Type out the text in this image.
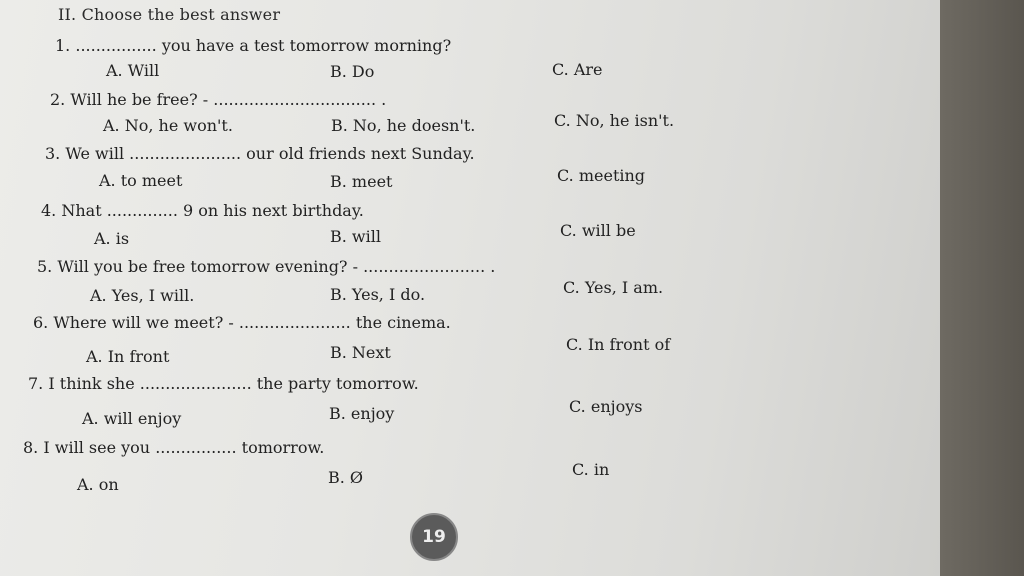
II. Choose the best answer
1. ................ you have a test tomorrow morning?
A. Will	B. Do	C. Are
2. Will he be free? - ................................ .
A. No, he won't.	B. No, he doesn't.	C. No, he isn't.
3. We will ...................... our old friends next Sunday.
A. to meet	B. meet	C. meeting
4. Nhat .............. 9 on his next birthday.
A. is	B. will	C. will be
5. Will you be free tomorrow evening? - ........................ .
A. Yes, I will.	B. Yes, I do.	C. Yes, I am.
6. Where will we meet? - ...................... the cinema.
A. In front	B. Next	C. In front of
7. I think she ...................... the party tomorrow.
A. will enjoy	B. enjoy	C. enjoys
8. I will see you ................ tomorrow.
A. on	B. Ø	C. in
19
